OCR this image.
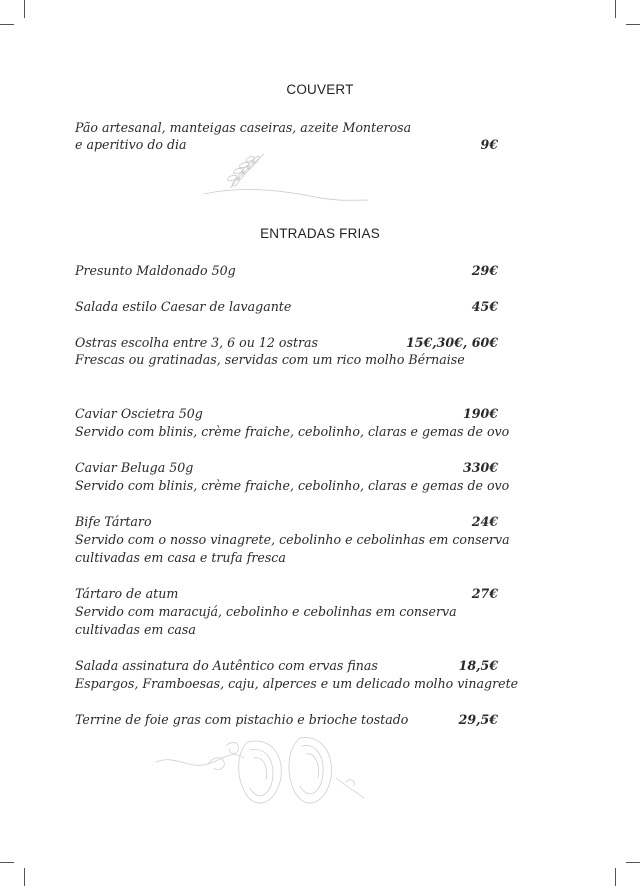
COUVERT
Pão artesanal, manteigas caseiras, azeite Monterosa
e aperitivo do dia	9€
ENTRADAS FRIAS
Presunto Maldonado 50g	29€
Salada estilo Caesar de lavagante	45€
Ostras escolha entre 3, 6 ou 12 ostras	15€,30€, 60€
Frescas ou gratinadas, servidas com um rico molho Bérnaise
Caviar Oscietra 50g	190€
Servido com blinis, crème fraiche, cebolinho, claras e gemas de ovo
Caviar Beluga 50g	330€
Servido com blinis, crème fraiche, cebolinho, claras e gemas de ovo
Bife Tártaro	24€
Servido com o nosso vinagrete, cebolinho e cebolinhas em conserva
cultivadas em casa e trufa fresca
Tártaro de atum	27€
Servido com maracujá, cebolinho e cebolinhas em conserva
cultivadas em casa
Salada assinatura do Autêntico com ervas finas	18,5€
Espargos, Framboesas, caju, alperces e um delicado molho vinagrete
Terrine de foie gras com pistachio e brioche tostado	29,5€
